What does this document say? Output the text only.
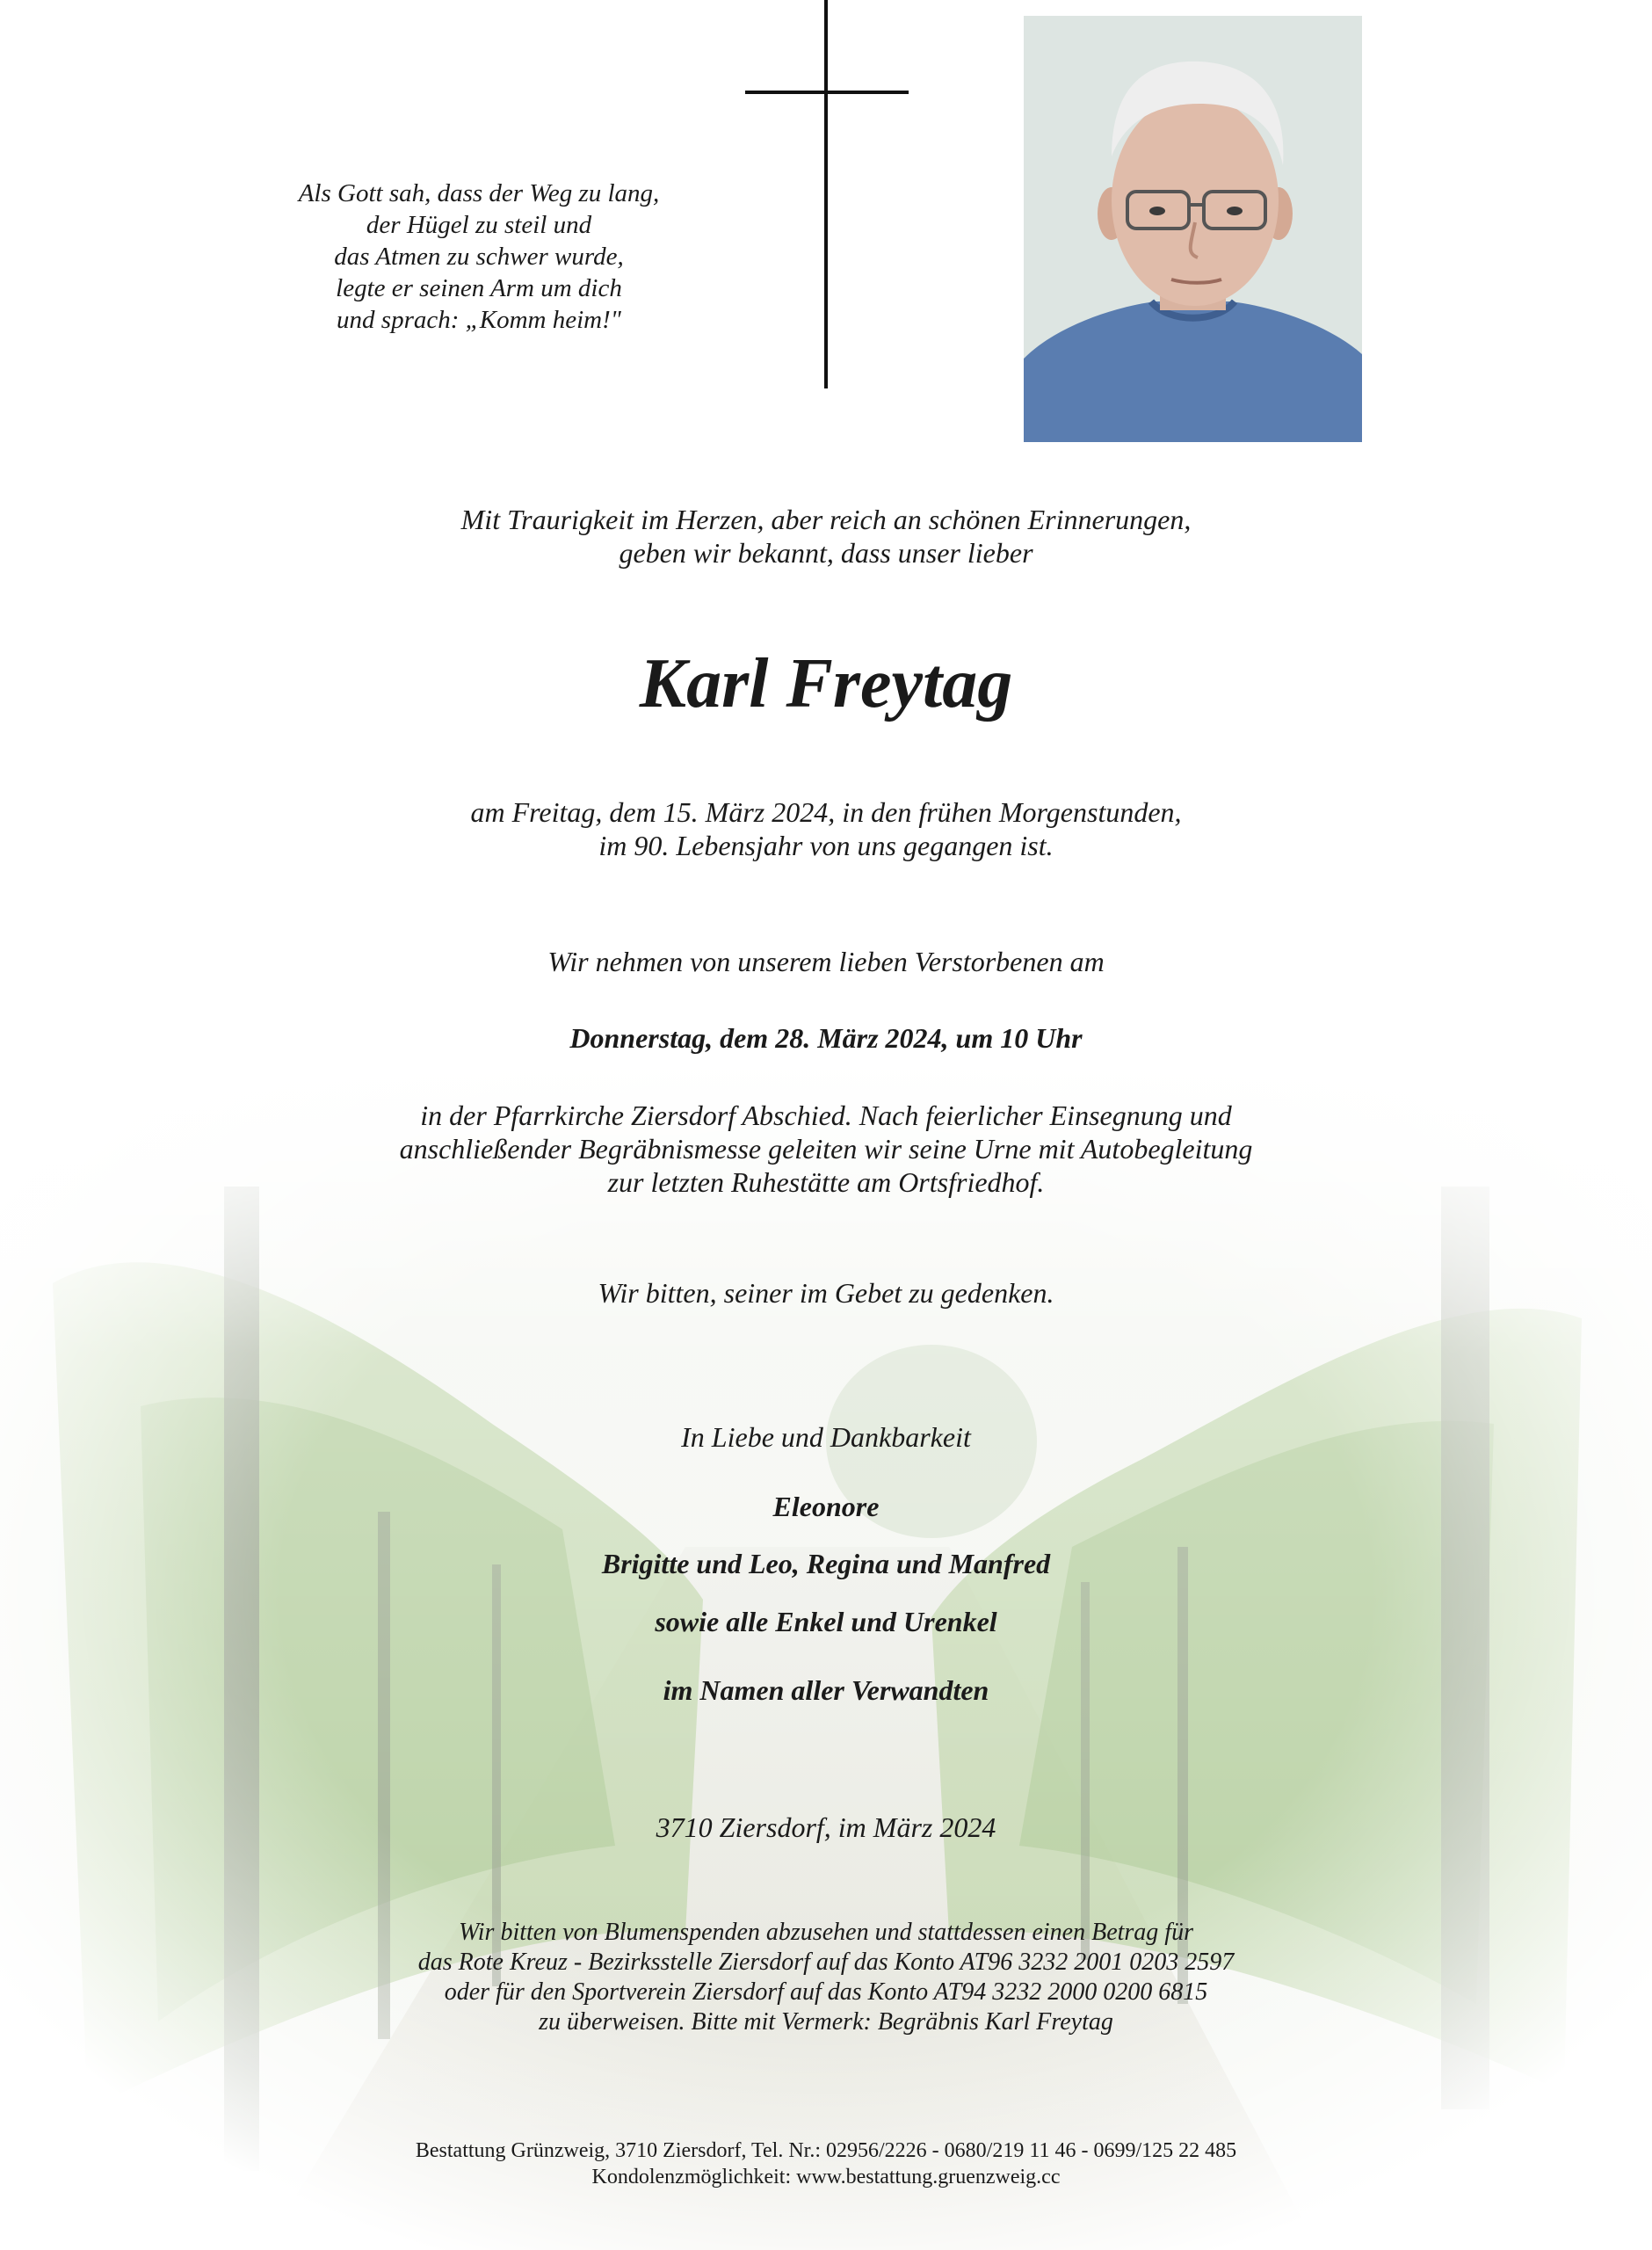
Als Gott sah, dass der Weg zu lang,
der Hügel zu steil und
das Atmen zu schwer wurde,
legte er seinen Arm um dich
und sprach: „Komm heim!"
Mit Traurigkeit im Herzen, aber reich an schönen Erinnerungen,
geben wir bekannt, dass unser lieber
Karl Freytag
am Freitag, dem 15. März 2024, in den frühen Morgenstunden,
im 90. Lebensjahr von uns gegangen ist.
Wir nehmen von unserem lieben Verstorbenen am
Donnerstag, dem 28. März 2024, um 10 Uhr
in der Pfarrkirche Ziersdorf Abschied. Nach feierlicher Einsegnung und
anschließender Begräbnismesse geleiten wir seine Urne mit Autobegleitung
zur letzten Ruhestätte am Ortsfriedhof.
Wir bitten, seiner im Gebet zu gedenken.
In Liebe und Dankbarkeit
Eleonore
Brigitte und Leo, Regina und Manfred
sowie alle Enkel und Urenkel
im Namen aller Verwandten
3710 Ziersdorf, im März 2024
Wir bitten von Blumenspenden abzusehen und stattdessen einen Betrag für
das Rote Kreuz - Bezirksstelle Ziersdorf auf das Konto AT96 3232 2001 0203 2597
oder für den Sportverein Ziersdorf auf das Konto AT94 3232 2000 0200 6815
zu überweisen. Bitte mit Vermerk: Begräbnis Karl Freytag
Bestattung Grünzweig, 3710 Ziersdorf, Tel. Nr.: 02956/2226 - 0680/219 11 46 - 0699/125 22 485
Kondolenzmöglichkeit: www.bestattung.gruenzweig.cc
